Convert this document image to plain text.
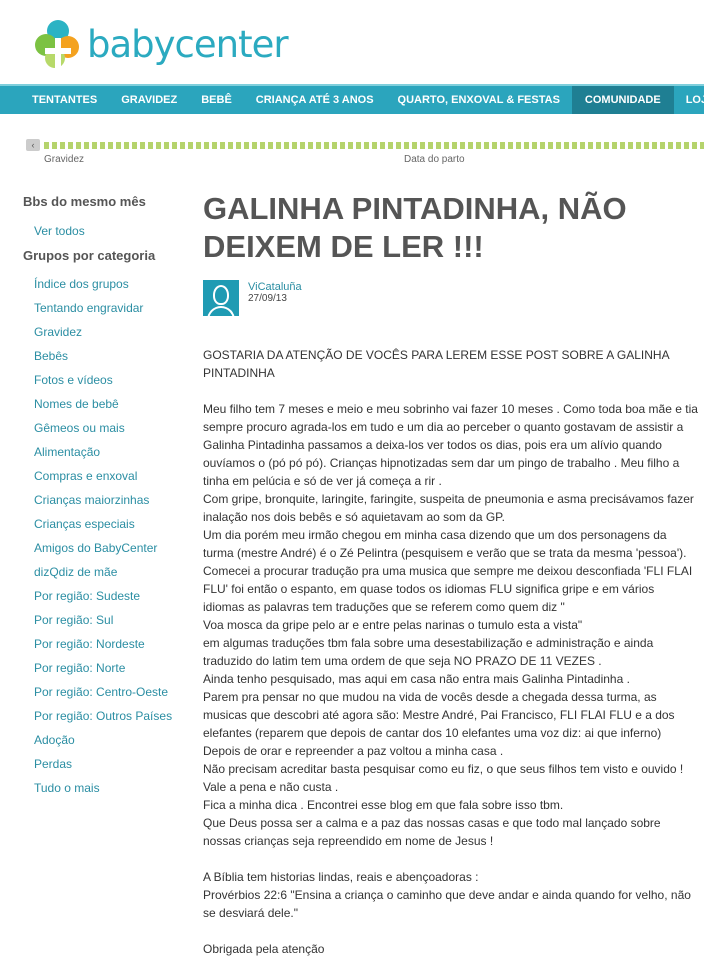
babycenter
TENTANTES	GRAVIDEZ	BEBÊ	CRIANÇA ATÉ 3 ANOS	QUARTO, ENXOVAL & FESTAS	COMUNIDADE	LOJA
‹
Gravidez	Data do parto
Bbs do mesmo mês
Ver todos
Grupos por categoria
Índice dos grupos
Tentando engravidar
Gravidez
Bebês
Fotos e vídeos
Nomes de bebê
Gêmeos ou mais
Alimentação
Compras e enxoval
Crianças maiorzinhas
Crianças especiais
Amigos do BabyCenter
dizQdiz de mãe
Por região: Sudeste
Por região: Sul
Por região: Nordeste
Por região: Norte
Por região: Centro-Oeste
Por região: Outros Países
Adoção
Perdas
Tudo o mais
GALINHA PINTADINHA, NÃO DEIXEM DE LER !!!
ViCataluña
27/09/13

GOSTARIA DA ATENÇÃO DE VOCÊS PARA LEREM ESSE POST SOBRE A GALINHA PINTADINHA

Meu filho tem 7 meses e meio e meu sobrinho vai fazer 10 meses . Como toda boa mãe e tia sempre procuro agrada-los em tudo e um dia ao perceber o quanto gostavam de assistir a Galinha Pintadinha passamos a deixa-los ver todos os dias, pois era um alívio quando ouvíamos o (pó pó pó). Crianças hipnotizadas sem dar um pingo de trabalho . Meu filho a tinha em pelúcia e só de ver já começa a rir .

Com gripe, bronquite, laringite, faringite, suspeita de pneumonia e asma precisávamos fazer inalação nos dois bebês e só aquietavam ao som da GP.

Um dia porém meu irmão chegou em minha casa dizendo que um dos personagens da turma (mestre André) é o Zé Pelintra (pesquisem e verão que se trata da mesma 'pessoa'). Comecei a procurar tradução pra uma musica que sempre me deixou desconfiada 'FLI FLAI FLU' foi então o espanto, em quase todos os idiomas FLU significa gripe e em vários idiomas as palavras tem traduções que se referem como quem diz "

Voa mosca da gripe pelo ar e entre pelas narinas o tumulo esta a vista"

em algumas traduções tbm fala sobre uma desestabilização e administração e ainda traduzido do latim tem uma ordem de que seja NO PRAZO DE 11 VEZES .

Ainda tenho pesquisado, mas aqui em casa não entra mais Galinha Pintadinha .

Parem pra pensar no que mudou na vida de vocês desde a chegada dessa turma, as musicas que descobri até agora são: Mestre André, Pai Francisco, FLI FLAI FLU e a dos elefantes (reparem que depois de cantar dos 10 elefantes uma voz diz: ai que inferno)

Depois de orar e repreender a paz voltou a minha casa .

Não precisam acreditar basta pesquisar como eu fiz, o que seus filhos tem visto e ouvido ! Vale a pena e não custa .

Fica a minha dica . Encontrei esse blog em que fala sobre isso tbm.

Que Deus possa ser a calma e a paz das nossas casas e que todo mal lançado sobre nossas crianças seja repreendido em nome de Jesus !

A Bíblia tem historias lindas, reais e abençoadoras :

Provérbios 22:6 "Ensina a criança o caminho que deve andar e ainda quando for velho, não se desviará dele."

Obrigada pela atenção
